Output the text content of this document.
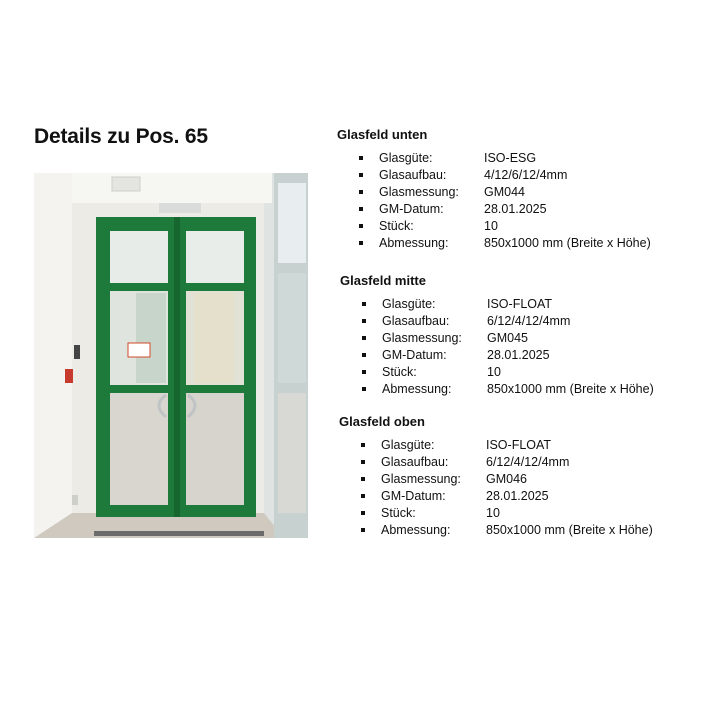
Details zu Pos. 65	Glasfeld unten
Glasgüte:	ISO-ESG
Glasaufbau:	4/12/6/12/4mm
Glasmessung: GM044
GM-Datum:	28.01.2025
Stück:	10
Abmessung:	850x1000 mm (Breite x Höhe)
Glasfeld mitte
Glasgüte:	ISO-FLOAT
Glasaufbau:	6/12/4/12/4mm
Glasmessung: GM045
GM-Datum:	28.01.2025
Stück:	10
Abmessung:	850x1000 mm (Breite x Höhe)
Glasfeld oben
Glasgüte:	ISO-FLOAT
Glasaufbau:	6/12/4/12/4mm
Glasmessung: GM046
GM-Datum:	28.01.2025
Stück:	10
Abmessung:	850x1000 mm (Breite x Höhe)
